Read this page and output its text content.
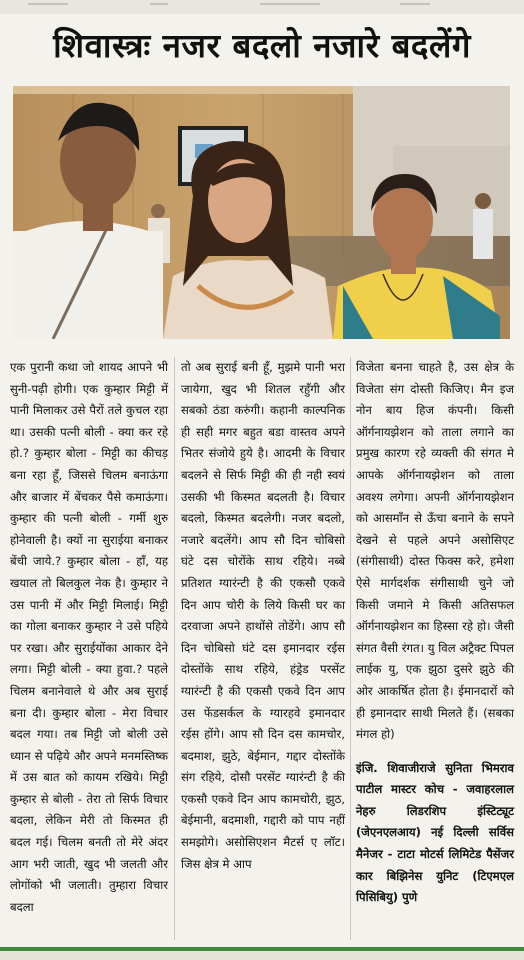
शिवास्त्रः नजर बदलो नजारे बदलेंगे

एक पुरानी कथा जो शायद आपने भी सुनी-पढ़ी होगी। एक कुम्हार मिट्टी में पानी मिलाकर उसे पैरों तले कुचल रहा था। उसकी पत्नी बोली - क्या कर रहे हो.? कुम्हार बोला - मिट्टी का कीचड़ बना रहा हूँ, जिससे चिलम बनाऊंगा और बाजार में बेंचकर पैसे कमाऊंगा। कुम्हार की पत्नी बोली - गर्मी शुरु होनेवाली है। क्यों ना सुराईया बनाकर बेंची जाये.? कुम्हार बोला - हाँ, यह खयाल तो बिलकुल नेक है। कुम्हार ने उस पानी में और मिट्टी मिलाई। मिट्टी का गोला बनाकर कुम्हार ने उसे पहिये पर रखा। और सुराईयोंका आकार देने लगा। मिट्टी बोली - क्या हुवा.? पहले चिलम बनानेवाले थे और अब सुराई बना दी। कुम्हार बोला - मेरा विचार बदल गया। तब मिट्टी जो बोली उसे ध्यान से पढ़िये और अपने मनमस्तिष्क में उस बात को कायम रखिये। मिट्टी कुम्हार से बोली - तेरा तो सिर्फ विचार बदला, लेकिन मेरी तो किस्मत ही बदल गई। चिलम बनती तो मेरे अंदर आग भरी जाती, खुद भी जलती और लोगोंको भी जलाती। तुम्हारा विचार बदला

तो अब सुराई बनी हूँ, मुझमे पानी भरा जायेगा, खुद भी शितल रहुँगी और सबको ठंडा करुंगी। कहानी काल्पनिक ही सही मगर बहुत बडा वास्तव अपने भितर संजोये हुये है। आदमी के विचार बदलने से सिर्फ मिट्टी की ही नही स्वयं उसकी भी किस्मत बदलती है। विचार बदलो, किस्मत बदलेगी। नजर बदलो, नजारे बदलेंगे। आप सौ दिन चोबिसो घंटे दस चोरोंके साथ रहिये। नब्बे प्रतिशत ग्यारंन्टी है की एकसौ एकवे दिन आप चोरी के लिये किसी घर का दरवाजा अपने हाथोंसे तोडेंगे। आप सौ दिन चोबिसो घंटे दस इमानदार रईस दोस्तोंके साथ रहिये, हंड्रेड परसेंट ग्यारंन्टी है की एकसौ एकवे दिन आप उस फेंडसर्कल के ग्यारहवे इमानदार रईस होंगे। आप सौ दिन दस कामचोर, बदमाश, झुठे, बेईमान, गद्दार दोस्तोंके संग रहिये, दोसौ परसेंट ग्यारंन्टी है की एकसौ एकवे दिन आप कामचोरी, झुठ, बेईमानी, बदमाशी, गद्दारी को पाप नहीं समझोगे। असोसिएशन मैटर्स ए लॉट। जिस क्षेत्र मे आप

विजेता बनना चाहते है, उस क्षेत्र के विजेता संग दोस्ती किजिए। मैन इज नोन बाय हिज कंपनी। किसी ऑर्गनायझेशन को ताला लगाने का प्रमुख कारण रहे व्यक्ती की संगत मे आपके ऑर्गनायझेशन को ताला अवश्य लगेगा। अपनी ऑर्गनायझेशन को आसमाँन से ऊँचा बनाने के सपने देखने से पहले अपने असोसिएट (संगीसाथी) दोस्त फिक्स करे, हमेशा ऐसे मार्गदर्शक संगीसाथी चुने जो किसी जमाने मे किसी अतिसफल ऑर्गनायझेशन का हिस्सा रहे हो। जैसी संगत वैसी रंगत। यु विल अट्रैक्ट पिपल लाईक यु, एक झुठा दुसरे झुठे की ओर आकर्षित होता है। ईमानदारों को ही इमानदार साथी मिलते हैं। (सबका मंगल हो)

इंजि. शिवाजीराजे सुनिता भिमराव पाटील मास्टर कोच - जवाहरलाल नेहरु लिडरशिप इंस्टिट्यूट (जेएनएलआय) नई दिल्ली सर्विस मैनेजर - टाटा मोटर्स लिमिटेड पैसेंजर कार बिझिनेस युनिट (टिएमएल पिसिबियु) पुणे
